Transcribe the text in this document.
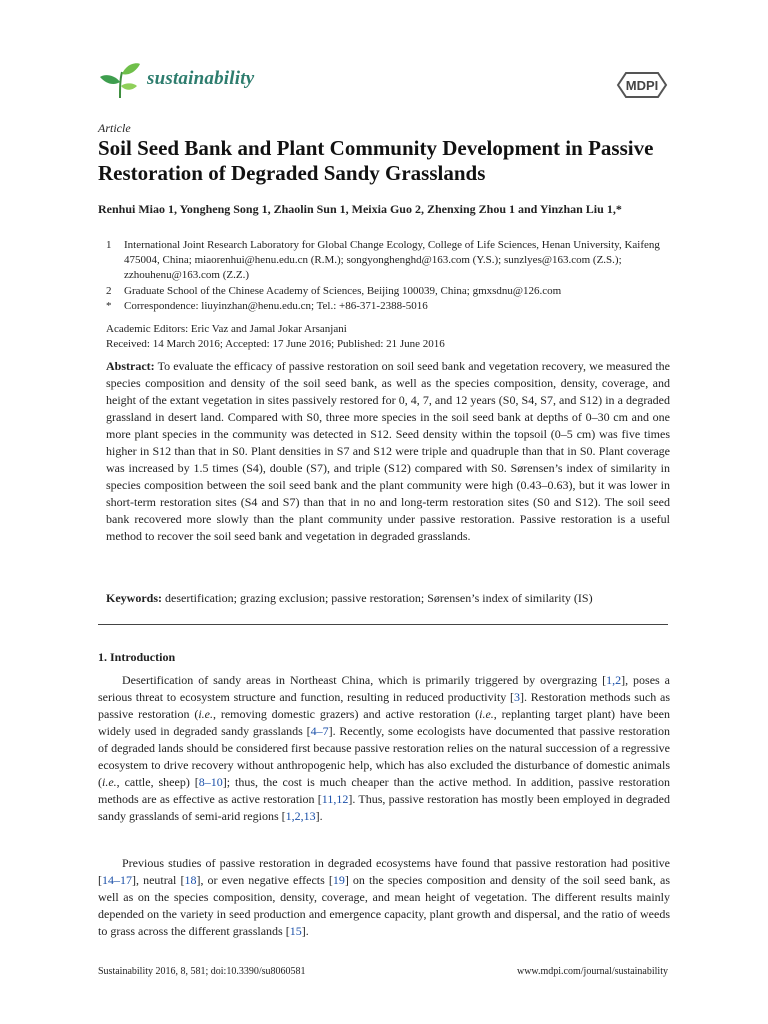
sustainability	MDPI
Article
Soil Seed Bank and Plant Community Development in Passive Restoration of Degraded Sandy Grasslands
Renhui Miao 1, Yongheng Song 1, Zhaolin Sun 1, Meixia Guo 2, Zhenxing Zhou 1 and Yinzhan Liu 1,*
1 International Joint Research Laboratory for Global Change Ecology, College of Life Sciences, Henan University, Kaifeng 475004, China; miaorenhui@henu.edu.cn (R.M.); songyonghenghd@163.com (Y.S.); sunzlyes@163.com (Z.S.); zzhouhenu@163.com (Z.Z.)
2 Graduate School of the Chinese Academy of Sciences, Beijing 100039, China; gmxsdnu@126.com
* Correspondence: liuyinzhan@henu.edu.cn; Tel.: +86-371-2388-5016
Academic Editors: Eric Vaz and Jamal Jokar Arsanjani
Received: 14 March 2016; Accepted: 17 June 2016; Published: 21 June 2016
Abstract: To evaluate the efficacy of passive restoration on soil seed bank and vegetation recovery, we measured the species composition and density of the soil seed bank, as well as the species composition, density, coverage, and height of the extant vegetation in sites passively restored for 0, 4, 7, and 12 years (S0, S4, S7, and S12) in a degraded grassland in desert land. Compared with S0, three more species in the soil seed bank at depths of 0–30 cm and one more plant species in the community was detected in S12. Seed density within the topsoil (0–5 cm) was five times higher in S12 than that in S0. Plant densities in S7 and S12 were triple and quadruple than that in S0. Plant coverage was increased by 1.5 times (S4), double (S7), and triple (S12) compared with S0. Sørensen’s index of similarity in species composition between the soil seed bank and the plant community were high (0.43–0.63), but it was lower in short-term restoration sites (S4 and S7) than that in no and long-term restoration sites (S0 and S12). The soil seed bank recovered more slowly than the plant community under passive restoration. Passive restoration is a useful method to recover the soil seed bank and vegetation in degraded grasslands.
Keywords: desertification; grazing exclusion; passive restoration; Sørensen’s index of similarity (IS)
1. Introduction

Desertification of sandy areas in Northeast China, which is primarily triggered by overgrazing [1,2], poses a serious threat to ecosystem structure and function, resulting in reduced productivity [3]. Restoration methods such as passive restoration (i.e., removing domestic grazers) and active restoration (i.e., replanting target plant) have been widely used in degraded sandy grasslands [4–7]. Recently, some ecologists have documented that passive restoration of degraded lands should be considered first because passive restoration relies on the natural succession of a regressive ecosystem to drive recovery without anthropogenic help, which has also excluded the disturbance of domestic animals (i.e., cattle, sheep) [8–10]; thus, the cost is much cheaper than the active method. In addition, passive restoration methods are as effective as active restoration [11,12]. Thus, passive restoration has mostly been employed in degraded sandy grasslands of semi-arid regions [1,2,13].

Previous studies of passive restoration in degraded ecosystems have found that passive restoration had positive [14–17], neutral [18], or even negative effects [19] on the species composition and density of the soil seed bank, as well as on the species composition, density, coverage, and mean height of vegetation. The different results mainly depended on the variety in seed production and emergence capacity, plant growth and dispersal, and the ratio of weeds to grass across the different grasslands [15].

Sustainability 2016, 8, 581; doi:10.3390/su8060581	www.mdpi.com/journal/sustainability
